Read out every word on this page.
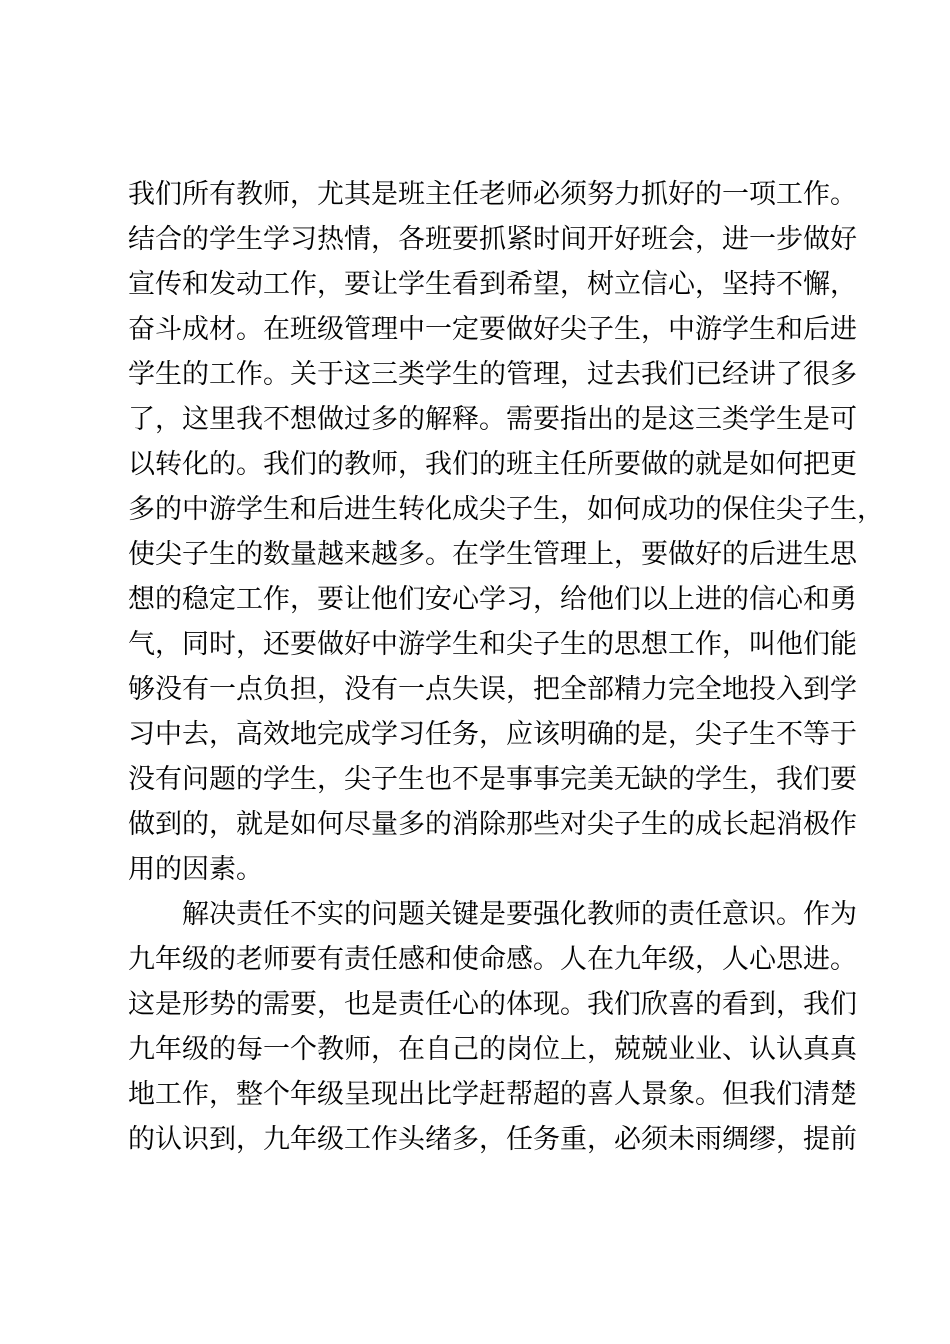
我们所有教师，尤其是班主任老师必须努力抓好的一项工作。
结合的学生学习热情，各班要抓紧时间开好班会，进一步做好
宣传和发动工作，要让学生看到希望，树立信心，坚持不懈，
奋斗成材。在班级管理中一定要做好尖子生，中游学生和后进
学生的工作。关于这三类学生的管理，过去我们已经讲了很多
了，这里我不想做过多的解释。需要指出的是这三类学生是可
以转化的。我们的教师，我们的班主任所要做的就是如何把更
多的中游学生和后进生转化成尖子生，如何成功的保住尖子生，
使尖子生的数量越来越多。在学生管理上，要做好的后进生思
想的稳定工作，要让他们安心学习，给他们以上进的信心和勇
气，同时，还要做好中游学生和尖子生的思想工作，叫他们能
够没有一点负担，没有一点失误，把全部精力完全地投入到学
习中去，高效地完成学习任务，应该明确的是，尖子生不等于
没有问题的学生，尖子生也不是事事完美无缺的学生，我们要
做到的，就是如何尽量多的消除那些对尖子生的成长起消极作
用的因素。
解决责任不实的问题关键是要强化教师的责任意识。作为
九年级的老师要有责任感和使命感。人在九年级，人心思进。
这是形势的需要，也是责任心的体现。我们欣喜的看到，我们
九年级的每一个教师，在自己的岗位上，兢兢业业、认认真真
地工作，整个年级呈现出比学赶帮超的喜人景象。但我们清楚
的认识到，九年级工作头绪多，任务重，必须未雨绸缪，提前
